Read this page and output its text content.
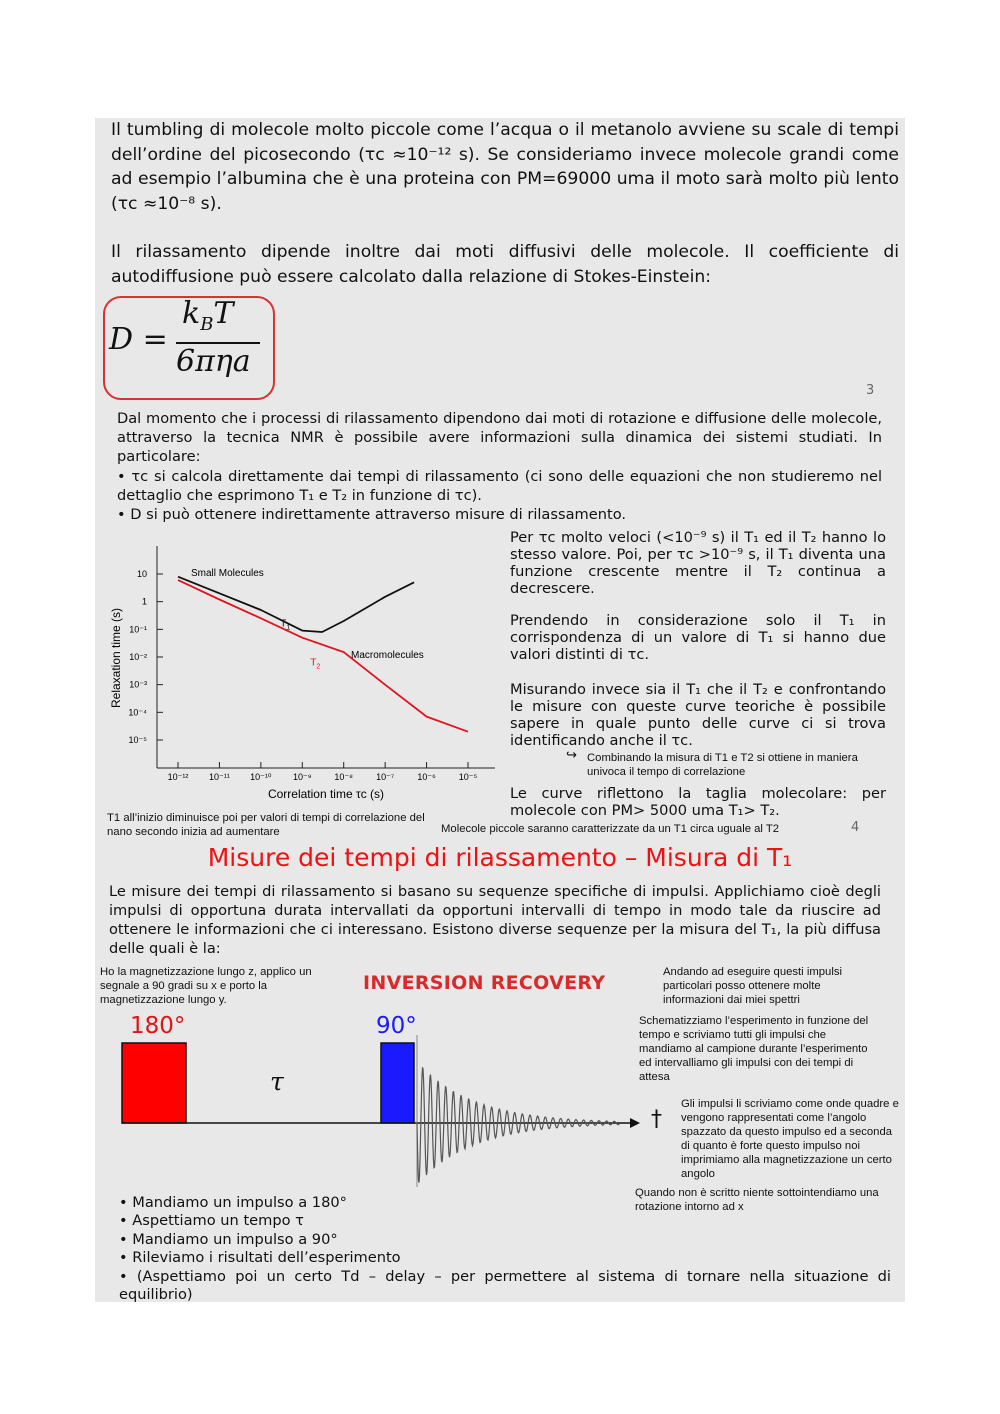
Il tumbling di molecole molto piccole come l’acqua o il metanolo avviene su scale di tempi dell’ordine del picosecondo (τc ≈10⁻¹² s). Se consideriamo invece molecole grandi come ad esempio l’albumina che è una proteina con PM=69000 uma il moto sarà molto più lento (τc ≈10⁻⁸ s).
Il rilassamento dipende inoltre dai moti diffusivi delle molecole. Il coefficiente di autodiffusione può essere calcolato dalla relazione di Stokes-Einstein:
D =
$k_BT$
6πηa
3
Dal momento che i processi di rilassamento dipendono dai moti di rotazione e diffusione delle molecole, attraverso la tecnica NMR è possibile avere informazioni sulla dinamica dei sistemi studiati. In particolare:
• τc si calcola direttamente dai tempi di rilassamento (ci sono delle equazioni che non studieremo nel dettaglio che esprimono T₁ e T₂ in funzione di τc).
• D si può ottenere indirettamente attraverso misure di rilassamento.
10
1
10⁻¹
10⁻²
10⁻³
10⁻⁴
10⁻⁵
10⁻¹² 10⁻¹¹ 10⁻¹⁰ 10⁻⁹	10⁻⁸	10⁻⁷	10⁻⁶	10⁻⁵
Correlation time τc (s)
Relaxation time (s)	$T_1$
$T_2$
Small Molecules
Macromolecules
Per τc molto veloci (<10⁻⁹ s) il T₁ ed il T₂ hanno lo stesso valore. Poi, per τc >10⁻⁹ s, il T₁ diventa una funzione crescente mentre il T₂ continua a decrescere.
Prendendo in considerazione solo il T₁ in corrispondenza di un valore di T₁ si hanno due valori distinti di τc.
Misurando invece sia il T₁ che il T₂ e confrontando le misure con queste curve teoriche è possibile sapere in quale punto delle curve ci si trova identificando anche il τc.
↪ Combinando la misura di T1 e T2 si ottiene in maniera univoca il tempo di correlazione
Le curve riflettono la taglia molecolare: per molecole con PM> 5000 uma T₁> T₂.
T1 all’inizio diminuisce poi per valori di tempi di correlazione del nano secondo inizia ad aumentare	Molecole piccole saranno caratterizzate da un T1 circa uguale al T2	4
Misure dei tempi di rilassamento – Misura di T₁
Le misure dei tempi di rilassamento si basano su sequenze specifiche di impulsi. Applichiamo cioè degli impulsi di opportuna durata intervallati da opportuni intervalli di tempo in modo tale da riuscire ad ottenere le informazioni che ci interessano. Esistono diverse sequenze per la misura del T₁, la più diffusa delle quali è la:
Ho la magnetizzazione lungo z, applico un segnale a 90 gradi su x e porto la magnetizzazione lungo y.
INVERSION RECOVERY	Andando ad eseguire questi impulsi particolari posso ottenere molte informazioni dai miei spettri
Schematizziamo l’esperimento in funzione del tempo e scriviamo tutti gli impulsi che mandiamo al campione durante l’esperimento ed intervalliamo gli impulsi con dei tempi di attesa
Gli impulsi li scriviamo come onde quadre e vengono rappresentati come l’angolo spazzato da questo impulso ed a seconda di quanto è forte questo impulso noi imprimiamo alla magnetizzazione un certo angolo
Quando non è scritto niente sottointendiamo una rotazione intorno ad x
180°	90°
τ
†
• Mandiamo un impulso a 180°
• Aspettiamo un tempo τ
• Mandiamo un impulso a 90°
• Rileviamo i risultati dell’esperimento
• (Aspettiamo poi un certo Td – delay – per permettere al sistema di tornare nella situazione di equilibrio)
